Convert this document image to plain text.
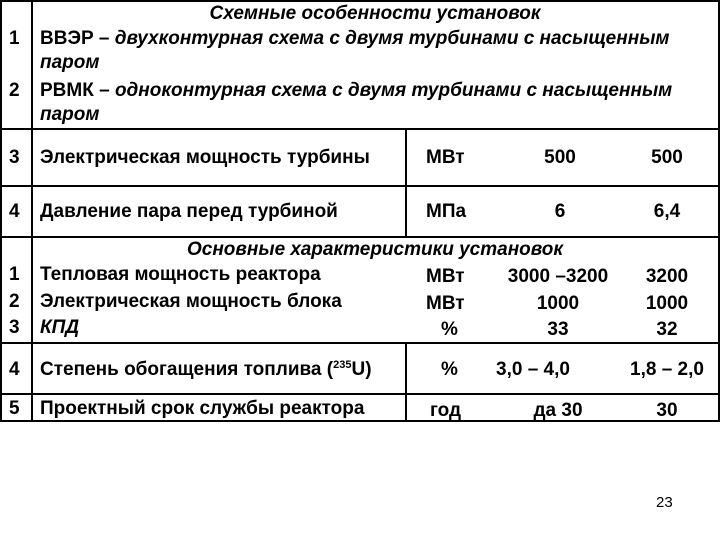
Схемные особенности установок
1 ВВЭР – двухконтурная схема с двумя турбинами с насыщенным
паром
2 РВМК – одноконтурная схема с двумя турбинами с насыщенным
паром
3 Электрическая мощность турбины	МВт	500	500
4 Давление пара перед турбиной	МПа	6	6,4
Основные характеристики установок
1 Тепловая мощность реактора	МВт	3000 –3200	3200
2 Электрическая мощность блока	МВт	1000	1000
3 КПД	%	33	32
4 Степень обогащения топлива ($^{235}$U)	% 3,0 – 4,0	1,8 – 2,0
5 Проектный срок службы реактора	год	да 30	30
23
